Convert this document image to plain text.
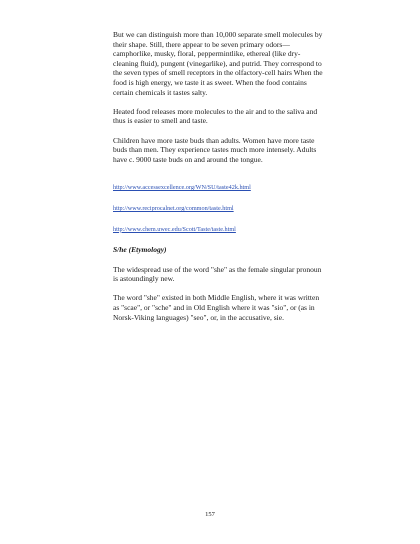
But we can distinguish more than 10,000 separate smell molecules by their shape. Still, there appear to be seven primary odors—camphorlike, musky, floral, peppermintlike, ethereal (like dry-cleaning fluid), pungent (vinegarlike), and putrid. They correspond to the seven types of smell receptors in the olfactory-cell hairs When the food is high energy, we taste it as sweet. When the food contains certain chemicals it tastes salty.

Heated food releases more molecules to the air and to the saliva and thus is easier to smell and taste.

Children have more taste buds than adults. Women have more taste buds than men. They experience tastes much more intensely. Adults have c. 9000 taste buds on and around the tongue.

http://www.accessexcellence.org/WN/SU/taste42k.html
http://www.reciprocalnet.org/common/taste.html
http://www.chem.uwec.edu/Scott/Taste/taste.html

S/he (Etymology)

The widespread use of the word "she" as the female singular pronoun is astoundingly new.

The word "she" existed in both Middle English, where it was written as "scae", or "sche" and in Old English where it was "sio", or (as in Norsk-Viking languages) "seo", or, in the accusative, sie.

157
